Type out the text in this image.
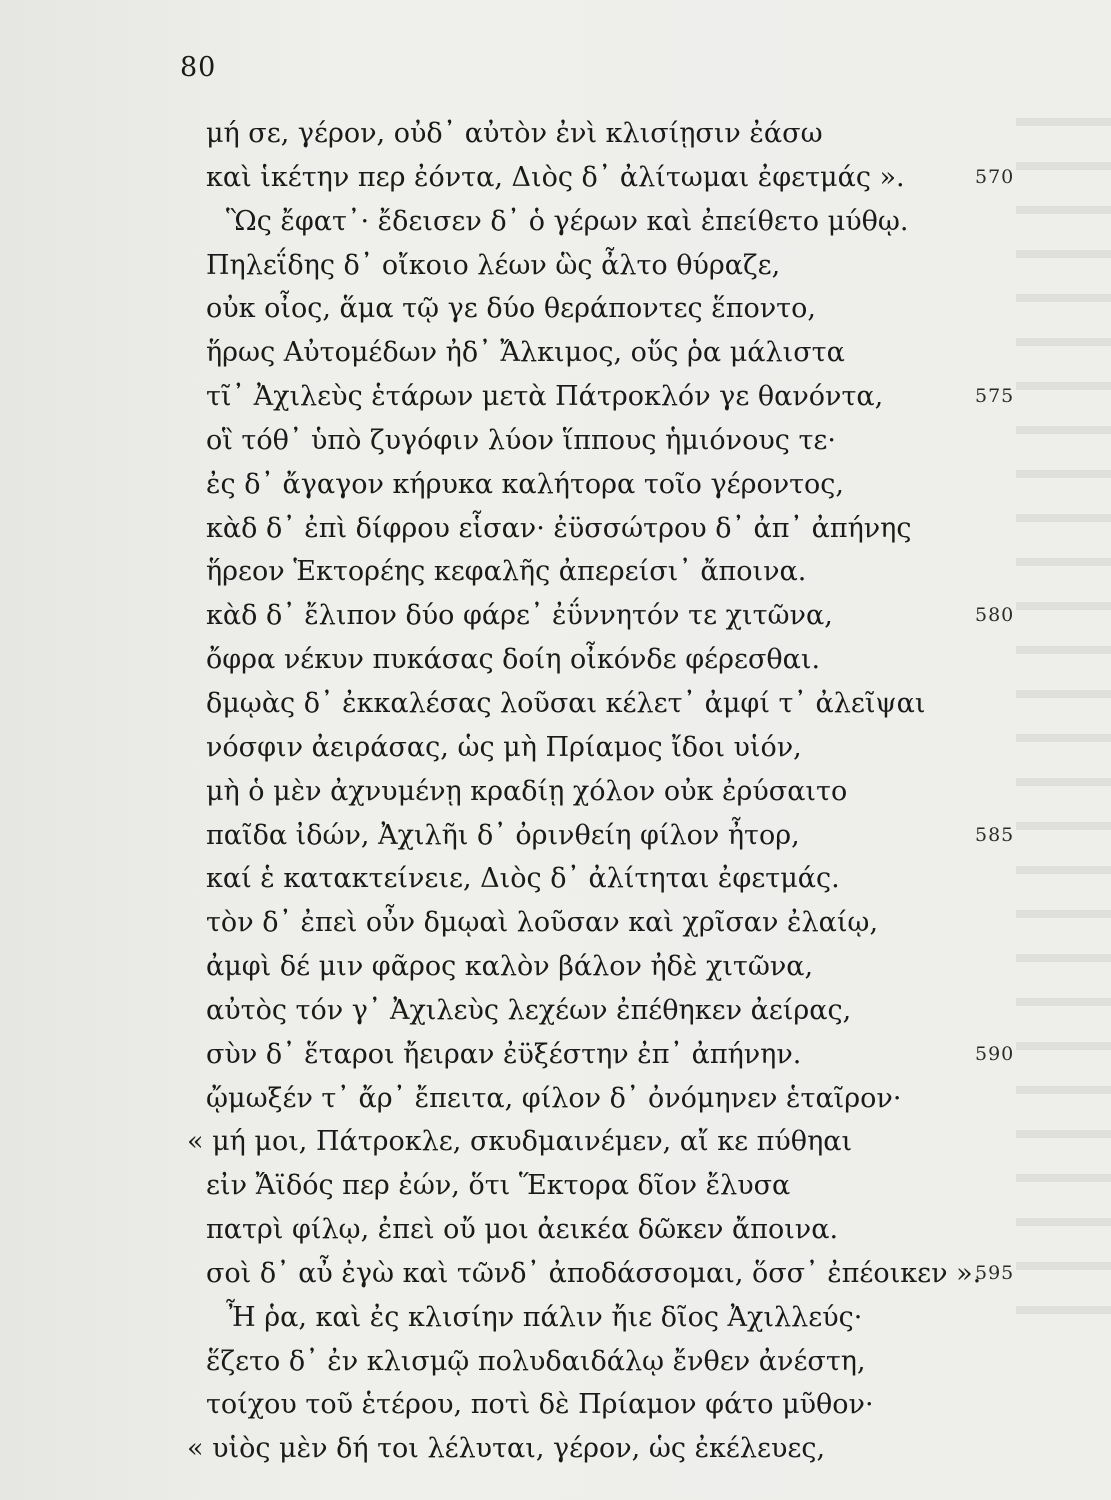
80
μή σε, γέρον, οὐδ᾽ αὐτὸν ἐνὶ κλισίῃσιν ἐάσω
καὶ ἱκέτην περ ἐόντα, Διὸς δ᾽ ἀλίτωμαι ἐφετμάς ».	570
Ὣς ἔφατ᾽· ἔδεισεν δ᾽ ὁ γέρων καὶ ἐπείθετο μύθῳ.
Πηλεΐδης δ᾽ οἴκοιο λέων ὣς ἆλτο θύραζε,
οὐκ οἶος, ἅμα τῷ γε δύο θεράποντες ἕποντο,
ἥρως Αὐτομέδων ἠδ᾽ Ἄλκιμος, οὕς ῥα μάλιστα
τῖ᾽ Ἀχιλεὺς ἑτάρων μετὰ Πάτροκλόν γε θανόντα,	575
οἳ τόθ᾽ ὑπὸ ζυγόφιν λύον ἵππους ἡμιόνους τε·
ἐς δ᾽ ἄγαγον κήρυκα καλήτορα τοῖο γέροντος,
κὰδ δ᾽ ἐπὶ δίφρου εἷσαν· ἐϋσσώτρου δ᾽ ἀπ᾽ ἀπήνης
ἥρεον Ἑκτορέης κεφαλῆς ἀπερείσι᾽ ἄποινα.
κὰδ δ᾽ ἔλιπον δύο φάρε᾽ ἐΰννητόν τε χιτῶνα,	580
ὄφρα νέκυν πυκάσας δοίη οἶκόνδε φέρεσθαι.
δμῳὰς δ᾽ ἐκκαλέσας λοῦσαι κέλετ᾽ ἀμφί τ᾽ ἀλεῖψαι
νόσφιν ἀειράσας, ὡς μὴ Πρίαμος ἴδοι υἱόν,
μὴ ὁ μὲν ἀχνυμένῃ κραδίῃ χόλον οὐκ ἐρύσαιτο
παῖδα ἰδών, Ἀχιλῆι δ᾽ ὀρινθείη φίλον ἦτορ,	585
καί ἑ κατακτείνειε, Διὸς δ᾽ ἀλίτηται ἐφετμάς.
τὸν δ᾽ ἐπεὶ οὖν δμῳαὶ λοῦσαν καὶ χρῖσαν ἐλαίῳ,
ἀμφὶ δέ μιν φᾶρος καλὸν βάλον ἠδὲ χιτῶνα,
αὐτὸς τόν γ᾽ Ἀχιλεὺς λεχέων ἐπέθηκεν ἀείρας,
σὺν δ᾽ ἕταροι ἤειραν ἐϋξέστην ἐπ᾽ ἀπήνην.	590
ᾤμωξέν τ᾽ ἄρ᾽ ἔπειτα, φίλον δ᾽ ὀνόμηνεν ἑταῖρον·
« μή μοι, Πάτροκλε, σκυδμαινέμεν, αἴ κε πύθηαι
εἰν Ἄϊδός περ ἐών, ὅτι Ἕκτορα δῖον ἔλυσα
πατρὶ φίλῳ, ἐπεὶ οὔ μοι ἀεικέα δῶκεν ἄποινα.
σοὶ δ᾽ αὖ ἐγὼ καὶ τῶνδ᾽ ἀποδάσσομαι, ὅσσ᾽ ἐπέοικεν ».
595
Ἦ ῥα, καὶ ἐς κλισίην πάλιν ἤιε δῖος Ἀχιλλεύς·
ἕζετο δ᾽ ἐν κλισμῷ πολυδαιδάλῳ ἔνθεν ἀνέστη,
τοίχου τοῦ ἑτέρου, ποτὶ δὲ Πρίαμον φάτο μῦθον·
« υἱὸς μὲν δή τοι λέλυται, γέρον, ὡς ἐκέλευες,
